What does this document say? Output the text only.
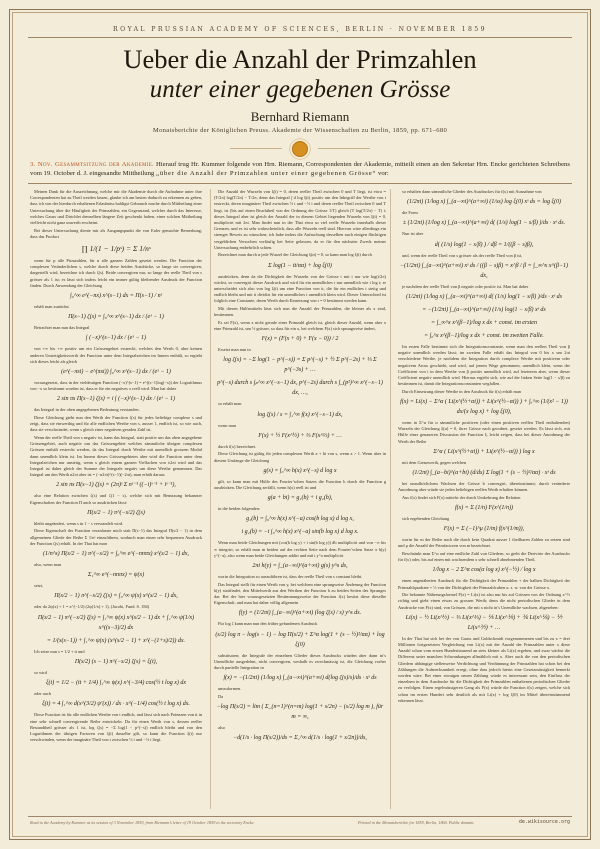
ROYAL PRUSSIAN ACADEMY OF SCIENCES, BERLIN · NOVEMBER 1859
Ueber die Anzahl der Primzahlen
unter einer gegebenen Grösse
Bernhard Riemann
Monatsberichte der Königlichen Preuss. Akademie der Wissenschaften zu Berlin, 1859, pp. 671–680
3. Nov. Gesammtsitzung der Akademie. Hierauf trug Hr. Kummer folgende von Hrn. Riemann, Correspondenten der Akademie, mitteilt einen an den Sekretar Hrn. Encke gerichteten Schreibens vom 19. October d. J. eingesandte Mittheilung „über die Anzahl der Primzahlen unter einer gegebenen Grösse“ vor:

Meinen Dank für die Auszeichnung, welche mir die Akademie durch die Aufnahme unter ihre Correspondenten hat zu Theil werden lassen, glaube ich am besten dadurch zu erkennen zu geben, dass ich von der hierdurch erhaltenen Erlaubniss baldigst Gebrauch mache durch Mittheilung einer Untersuchung über die Häufigkeit der Primzahlen; ein Gegenstand, welcher durch das Interesse, welches Gauss und Dirichlet demselben längere Zeit geschenkt haben, einer solchen Mittheilung vielleicht nicht ganz unwerth erscheint.

Bei dieser Untersuchung diente mir als Ausgangspunkt die von Euler gemachte Bemerkung, dass das Product

∏ 1/(1 − 1/pˢ) = Σ 1/nˢ

wenn für p alle Primzahlen, für n alle ganzen Zahlen gesetzt werden. Die Function der complexen Veränderlichen s, welche durch diese beiden Ausdrücke, so lange sie convergiren, dargestellt wird, bezeichne ich durch ζ(s). Beide convergiren nur, so lange der reelle Theil von s grösser als 1 ist; es lässt sich indess leicht ein immer gültig bleibender Ausdruck der Function finden. Durch Anwendung der Gleichung

∫₀^∞ e^(−nx) x^(s−1) dx = Π(s−1) / nˢ

erhält man zunächst

Π(s−1) ζ(s) = ∫₀^∞ x^(s−1) dx / (eˣ − 1)

Betrachtet man nun das Integral

∫ (−x)^(s−1) dx / (eˣ − 1)

von +∞ bis +∞ positiv um ein Grössengebiet erstreckt, welches den Werth 0, aber keinen anderen Unstetigkeitswerth der Function unter dem Integralzeichen im Innern enthält, so ergiebt sich dieses leicht als gleich

(e^(−πsi) − e^(πsi)) ∫₀^∞ x^(s−1) dx / (eˣ − 1)

vorausgesetzt, dass in der vieldeutigen Function (−x)^(s−1) = e^((s−1)log(−x)) der Logarithmus von −x so bestimmt worden ist, dass er für ein negatives x reell wird. Man hat daher

2 sin πs Π(s−1) ζ(s) = i ∫ (−x)^(s−1) dx / (eˣ − 1)

das Integral in der oben angegebenen Bedeutung verstanden.

Diese Gleichung giebt nun den Werth der Function ζ(s) für jedes beliebige complexe s und zeigt, dass sie einwerthig und für alle endlichen Werthe von s, ausser 1, endlich ist, so wie auch, dass sie verschwindet, wenn s gleich einer negativen geraden Zahl ist.

Wenn der reelle Theil von s negativ ist, kann das Integral, statt positiv um das oben angegebene Grössengebiet, auch negativ um das Grössengebiet welches sämmtliche übrigen complexen Grössen enthält erstreckt werden, da das Integral durch Werthe mit unendlich grossem Modul dann unendlich klein ist. Im Innern dieses Grössengebietes aber wird die Function unter dem Integralzeichen nur unstetig, wenn x gleich einem ganzen Vielfachen von ±2πi wird und das Integral ist daher gleich der Summe der Integrale negativ um diese Werthe genommen. Das Integral um den Werth n2πi aber ist = (−n2πi)^(s−1)(−2πi), man erhält daraus

2 sin πs Π(s−1) ζ(s) = (2π)ˢ Σ nˢ⁻¹ ((−i)ˢ⁻¹ + iˢ⁻¹),

also eine Relation zwischen ζ(s) und ζ(1 − s), welche sich mit Benutzung bekannter Eigenschaften der Function Π auch so ausdrücken lässt:

Π(s/2 − 1) π^(−s/2) ζ(s)

bleibt ungeändert, wenn s in 1 − s verwandelt wird.

Diese Eigenschaft der Function veranlasste mich statt Π(s−1) das Integral Π(s/2 − 1) in dem allgemeinen Gliede der Reihe Σ 1/nˢ einzuführen, wodurch man einen sehr bequemen Ausdruck der Function ζ(s) erhält. In der That hat man

(1/n^s) Π(s/2 − 1) π^(−s/2) = ∫₀^∞ e^(−nnπx) x^(s/2 − 1) dx,

also, wenn man

Σ₁^∞ e^(−nnπx) = ψ(x)

setzt,

Π(s/2 − 1) π^(−s/2) ζ(s) = ∫₀^∞ ψ(x) x^(s/2 − 1) dx,

oder da 2ψ(x) + 1 = x^(−1/2) (2ψ(1/x) + 1), (Jacobi, Fund. S. 184)

Π(s/2 − 1) π^(−s/2) ζ(s) = ∫₁^∞ ψ(x) x^(s/2 − 1) dx + ∫₁^∞ ψ(1/x) x^((s−3)/2) dx
= 1/(s(s−1)) + ∫₁^∞ ψ(x) (x^(s/2 − 1) + x^(−(1+s)/2)) dx.

Ich setze nun s = 1/2 + ti und

Π(s/2) (s − 1) π^(−s/2) ζ(s) = ξ(t),

so wird

ξ(t) = 1/2 − (tt + 1/4) ∫₁^∞ ψ(x) x^(−3/4) cos(½ t log x) dx

oder auch

ξ(t) = 4 ∫₁^∞ d(x^(3/2) ψ′(x)) / dx · x^(−1/4) cos(½ t log x) dx.

Diese Function ist für alle endlichen Werthe von t endlich, und lässt sich nach Potenzen von tt in eine sehr schnell convergirende Reihe entwickeln. Da für einen Werth von s, dessen reeller Bestandtheil grösser als 1 ist, log ζ(s) = −Σ log(1 − p^(−s)) endlich bleibt und von den Logarithmen der übrigen Factoren von ξ(t) dasselbe gilt, so kann die Function ξ(t) nur verschwinden, wenn der imaginäre Theil von t zwischen ½ i und −½ i liegt.

Die Anzahl der Wurzeln von ξ(t) = 0, deren reeller Theil zwischen 0 und T liegt, ist etwa = (T/2π) log(T/2π) − T/2π; denn das Integral ∫ d log ξ(t) positiv um den Inbegriff der Werthe von t erstreckt, deren imaginärer Theil zwischen ½ i und −½ i und deren reeller Theil zwischen 0 und T liegt, ist (bis auf einen Bruchtheil von der Ordnung der Grösse 1/T) gleich (T log(T/2π) − T) i; dieses Integral aber ist gleich der Anzahl der in diesem Gebiet liegenden Wurzeln von ξ(t) = 0, multiplicirt mit 2πi. Man findet nun in der That etwa so viel reelle Wurzeln innerhalb dieser Grenzen, und es ist sehr wahrscheinlich, dass alle Wurzeln reell sind. Hiervon wäre allerdings ein strenger Beweis zu wünschen; ich habe indess die Aufsuchung desselben nach einigen flüchtigen vergeblichen Versuchen vorläufig bei Seite gelassen, da er für den nächsten Zweck meiner Untersuchung entbehrlich schien.

Bezeichnet man durch α jede Wurzel der Gleichung ξ(α) = 0, so kann man log ξ(t) durch

Σ log(1 − tt/αα) + log ξ(0)

ausdrücken, denn da die Dichtigkeit der Wurzeln von der Grösse t mit t nur wie log(t/2π) wächst, so convergirt dieser Ausdruck und wird für ein unendliches t nur unendlich wie t log t; er unterscheidet sich also von log ξ(t) um eine Function von tt, die für ein endliches t stetig und endlich bleibt und mit tt dividirt für ein unendliches t unendlich klein wird. Dieser Unterschied ist folglich eine Constante, deren Werth durch Einsetzung von t = 0 bestimmt werden kann.

Mit diesen Hülfsmitteln lässt sich nun die Anzahl der Primzahlen, die kleiner als x sind, bestimmen.

Es sei F(x), wenn x nicht gerade einer Primzahl gleich ist, gleich dieser Anzahl, wenn aber x eine Primzahl ist, um ½ grösser, so dass für ein x, bei welchem F(x) sich sprungweise ändert,

F(x) = (F(x + 0) + F(x − 0)) / 2

Ersetzt man nun in

log ζ(s) = −Σ log(1 − p^(−s)) = Σ p^(−s) + ½ Σ p^(−2s) + ⅓ Σ p^(−3s) + …
p^(−s) durch s ∫ₚ^∞ x^(−s−1) dx, p^(−2s) durch s ∫_(p²)^∞ x^(−s−1) dx, …,

so erhält man

log ζ(s) / s = ∫₁^∞ f(x) x^(−s−1) dx,

wenn man

F(x) + ½ F(x^½) + ⅓ F(x^⅓) + …

durch f(x) bezeichnet.

Diese Gleichung ist gültig für jeden complexen Werth a + bi von s, wenn a > 1. Wenn aber in diesem Umfange die Gleichung

g(s) = ∫₀^∞ h(x) x^(−s) d log x

gilt, so kann man mit Hülfe des Fourier’schen Satzes die Function h durch die Function g ausdrücken. Die Gleichung zerfällt, wenn h(x) reell ist und

g(a + bi) = g₁(b) + i g₂(b),

in die beiden folgenden:

g₁(b) = ∫₀^∞ h(x) x^(−a) cos(b log x) d log x,
i g₂(b) = −i ∫₀^∞ h(x) x^(−a) sin(b log x) d log x.

Wenn man beide Gleichungen mit (cos(b log y) + i sin(b log y)) db multiplicirt und von −∞ bis ∞ integrirt, so erhält man in beiden auf der rechten Seite nach dem Fourier’schen Satze π h(y) y^(−a), also wenn man beide Gleichungen addirt und mit i y^a multiplicirt

2πi h(y) = ∫_(a−∞i)^(a+∞i) g(s) y^s ds,

worin die Integration so auszuführen ist, dass der reelle Theil von s constant bleibt.

Das Integral stellt für einen Werth von y, bei welchem eine sprungweise Änderung der Function h(y) stattfindet, den Mittelwerth aus den Werthen der Function h zu beiden Seiten des Sprunges dar. Bei der hier vorausgesetzten Bestimmungsweise der Function f(x) besitzt diese dieselbe Eigenschaft, und man hat daher völlig allgemein

f(y) = (1/2πi) ∫_(a−∞i)^(a+∞i) (log ζ(s) / s) y^s ds.

Für log ζ kann man nun den früher gefundenen Ausdruck

(s/2) log π − log(s − 1) − log Π(s/2) + Σ^α log(1 + (s − ½)²/αα) + log ξ(0)

substituiren; die Integrale der einzelnen Glieder dieses Ausdrucks würden aber dann in’s Unendliche ausgedehnt, nicht convergiren, weshalb es zweckmässig ist, die Gleichung vorher durch partielle Integration in

f(x) = −(1/2πi) (1/log x) ∫_(a−∞i)^(a+∞i) d(log ζ(s)/s)/ds · xˢ ds

umzuformen.

Da

−log Π(s/2) = lim ( Σ_(n=1)^(n=m) log(1 + s/2n) − (s/2) log m ), für m = ∞,

also

−d(1/s · log Π(s/2))/ds = Σ₁^∞ d(1/s · log(1 + s/2n))/ds,

so erhalten dann sämmtliche Glieder des Ausdruckes für f(x) mit Ausnahme von

(1/2πi) (1/log x) ∫_(a−∞i)^(a+∞i) (1/ss) log ξ(0) xˢ ds = log ξ(0)

die Form

± (1/2πi) (1/log x) ∫_(a−∞i)^(a+∞i) d( (1/s) log(1 − s/β) )/ds · xˢ ds.

Nun ist aber

d( (1/s) log(1 − s/β) ) / dβ = 1/((β − s)β),

und, wenn der reelle Theil von s grösser als der reelle Theil von β ist,

−(1/2πi) ∫_(a−∞i)^(a+∞i) xˢ ds / ((β − s)β) = x^β / β = ∫_∞^x x^(β−1) dx,

je nachdem der reelle Theil von β negativ oder positiv ist. Man hat daher

(1/2πi) (1/log x) ∫_(a−∞i)^(a+∞i) d( (1/s) log(1 − s/β) )/ds · xˢ ds
= −(1/2πi) ∫_(a−∞i)^(a+∞i) (1/s) log(1 − s/β) xˢ ds
= ∫_∞^x x^(β−1)/log x dx + const. im ersten
= ∫₀^x x^(β−1)/log x dx + const. im zweiten Falle.

Im ersten Falle bestimmt sich die Integrationsconstante, wenn man den reellen Theil von β negativ unendlich werden lässt; im zweiten Falle erhält das Integral von 0 bis x um 2πi verschiedene Werthe, je nachdem die Integration durch complexe Werthe mit positivem oder negativem Arcus geschieht, und wird, auf jenem Wege genommen, unendlich klein, wenn der Coëfficient von i in dem Werthe von β positiv unendlich wird, auf letzterem aber, wenn dieser Coëfficient negativ unendlich wird. Hieraus ergiebt sich, wie auf der linken Seite log(1 − s/β) zu bestimmen ist, damit die Integrationsconstanten wegfallen.

Durch Einsetzung dieser Werthe in den Ausdruck für f(x) erhält man

f(x) = Li(x) − Σ^α ( Li(x^(½+αi)) + Li(x^(½−αi)) ) + ∫ₓ^∞ (1/(x² − 1)) dx/(x log x) + log ξ(0),

wenn in Σ^α für α sämmtliche positiven (oder einen positiven reellen Theil enthaltenden) Wurzeln der Gleichung ξ(α) = 0, ihrer Grösse nach geordnet, gesetzt werden. Es lässt sich, mit Hülfe einer genaueren Discussion der Function ξ, leicht zeigen, dass bei dieser Anordnung der Werth der Reihe

Σ^α ( Li(x^(½+αi)) + Li(x^(½−αi)) ) log x

mit dem Grenzwerth, gegen welchen

(1/2πi) ∫_(a−bi)^(a+bi) (d/ds) Σ log(1 + (s − ½)²/αα) · xˢ ds

bei unaufhörlichem Wachsen der Grösse b convergirt, übereinstimmt; durch veränderte Anordnung aber würde sie jeden beliebigen reellen Werth erhalten können.

Aus f(x) findet sich F(x) mittelst der durch Umkehrung der Relation

f(x) = Σ (1/n) F(x^(1/n))

sich ergebenden Gleichung

F(x) = Σ (−1)^μ (1/m) f(x^(1/m)),

worin für m der Reihe nach die durch kein Quadrat ausser 1 theilbaren Zahlen zu setzen sind und μ die Anzahl der Primfactoren von m bezeichnet.

Beschränkt man Σ^α auf eine endliche Zahl von Gliedern, so giebt die Derivirte des Ausdrucks für f(x) oder, bis auf einen mit wachsendem x sehr schnell abnehmenden Theil,

1/log x − 2 Σ^α cos(α log x) x^(−½) / log x

einen angenäherten Ausdruck für die Dichtigkeit der Primzahlen + der halben Dichtigkeit der Primzahlquadrate + ⅓ von der Dichtigkeit der Primzahlcuben u. s. w. von der Grösse x.

Die bekannte Näherungsformel F(x) = Li(x) ist also nur bis auf Grössen von der Ordnung x^½ richtig und giebt einen etwas zu grossen Werth; denn die nicht periodischen Glieder in dem Ausdrucke von F(x) sind, von Grössen, die mit x nicht in’s Unendliche wachsen, abgesehen:

Li(x) − ½ Li(x^½) − ⅓ Li(x^⅓) − ⅕ Li(x^⅕) + ⅙ Li(x^⅙) − ⅐ Li(x^⅐) + …

In der That hat sich bei der von Gauss und Goldschmidt vorgenommenen und bis zu x = drei Millionen fortgesetzten Vergleichung von Li(x) mit der Anzahl der Primzahlen unter x diese Anzahl schon vom ersten Hunderttausend an stets kleiner als Li(x) ergeben, und zwar wächst die Differenz unter manchen Schwankungen allmählich mit x. Aber auch die von den periodischen Gliedern abhängige stellenweise Verdichtung und Verdünnung der Primzahlen hat schon bei den Zählungen die Aufmerksamkeit erregt, ohne dass jedoch hierin eine Gesetzmässigkeit bemerkt worden wäre. Bei einer etwaigen neuen Zählung würde es interessant sein, den Einfluss der einzelnen in dem Ausdrucke für die Dichtigkeit der Primzahlen enthaltenen periodischen Glieder zu verfolgen. Einen regelmässigeren Gang als F(x) würde die Function f(x) zeigen, welche sich schon im ersten Hundert sehr deutlich als mit Li(x) + log ξ(0) im Mittel übereinstimmend erkennen lässt.

Read to the Academy by Kummer at its session of 3 November 1859, from Riemann’s letter of 19 October 1859 to the secretary Encke.	Printed in the Monatsberichte for 1859, Berlin, 1860. Public domain.	de.wikisource.org
